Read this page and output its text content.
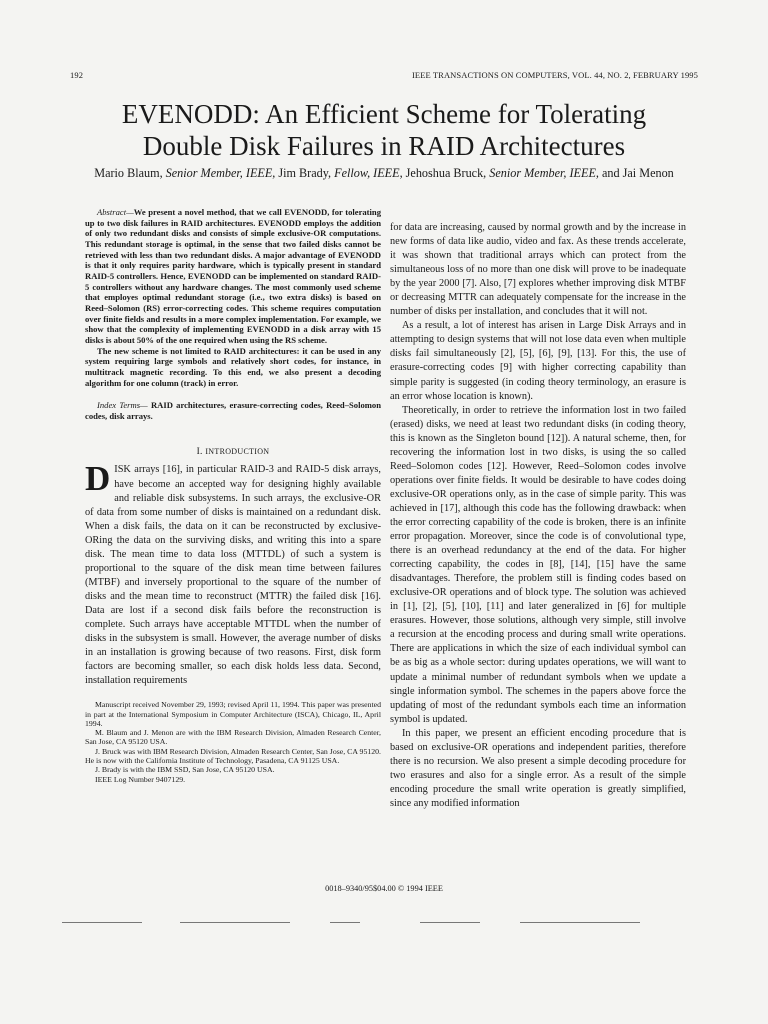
192	IEEE TRANSACTIONS ON COMPUTERS, VOL. 44, NO. 2, FEBRUARY 1995
EVENODD: An Efficient Scheme for Tolerating
Double Disk Failures in RAID Architectures
Mario Blaum, Senior Member, IEEE, Jim Brady, Fellow, IEEE, Jehoshua Bruck, Senior Member, IEEE, and Jai Menon

Abstract—We present a novel method, that we call EVENODD, for tolerating up to two disk failures in RAID architectures. EVENODD employs the addition of only two redundant disks and consists of simple exclusive-OR computations. This redundant storage is optimal, in the sense that two failed disks cannot be retrieved with less than two redundant disks. A major advantage of EVENODD is that it only requires parity hardware, which is typically present in standard RAID-5 controllers. Hence, EVENODD can be implemented on standard RAID-5 controllers without any hardware changes. The most commonly used scheme that employes optimal redundant storage (i.e., two extra disks) is based on Reed–Solomon (RS) error-correcting codes. This scheme requires computation over finite fields and results in a more complex implementation. For example, we show that the complexity of implementing EVENODD in a disk array with 15 disks is about 50% of the one required when using the RS scheme.

The new scheme is not limited to RAID architectures: it can be used in any system requiring large symbols and relatively short codes, for instance, in multitrack magnetic recording. To this end, we also present a decoding algorithm for one column (track) in error.

Index Terms— RAID architectures, erasure-correcting codes, Reed–Solomon codes, disk arrays.

I. INTRODUCTION

DISK arrays [16], in particular RAID-3 and RAID-5 disk arrays, have become an accepted way for designing highly available and reliable disk subsystems. In such arrays, the exclusive-OR of data from some number of disks is maintained on a redundant disk. When a disk fails, the data on it can be reconstructed by exclusive-ORing the data on the surviving disks, and writing this into a spare disk. The mean time to data loss (MTTDL) of such a system is proportional to the square of the disk mean time between failures (MTBF) and inversely proportional to the square of the number of disks and the mean time to reconstruct (MTTR) the failed disk [16]. Data are lost if a second disk fails before the reconstruction is complete. Such arrays have acceptable MTTDL when the number of disks in the subsystem is small. However, the average number of disks in an installation is growing because of two reasons. First, disk form factors are becoming smaller, so each disk holds less data. Second, installation requirements

Manuscript received November 29, 1993; revised April 11, 1994. This paper was presented in part at the International Symposium in Computer Architecture (ISCA), Chicago, IL, April 1994.

M. Blaum and J. Menon are with the IBM Research Division, Almaden Research Center, San Jose, CA 95120 USA.

J. Bruck was with IBM Research Division, Almaden Research Center, San Jose, CA 95120. He is now with the California Institute of Technology, Pasadena, CA 91125 USA.

J. Brady is with the IBM SSD, San Jose, CA 95120 USA.

IEEE Log Number 9407129.

for data are increasing, caused by normal growth and by the increase in new forms of data like audio, video and fax. As these trends accelerate, it was shown that traditional arrays which can protect from the simultaneous loss of no more than one disk will prove to be inadequate by the year 2000 [7]. Also, [7] explores whether improving disk MTBF or decreasing MTTR can adequately compensate for the increase in the number of disks per installation, and concludes that it will not.

As a result, a lot of interest has arisen in Large Disk Arrays and in attempting to design systems that will not lose data even when multiple disks fail simultaneously [2], [5], [6], [9], [13]. For this, the use of erasure-correcting codes [9] with higher correcting capability than simple parity is suggested (in coding theory terminology, an erasure is an error whose location is known).

Theoretically, in order to retrieve the information lost in two failed (erased) disks, we need at least two redundant disks (in coding theory, this is known as the Singleton bound [12]). A natural scheme, then, for recovering the information lost in two disks, is using the so called Reed–Solomon codes [12]. However, Reed–Solomon codes involve operations over finite fields. It would be desirable to have codes doing exclusive-OR operations only, as in the case of simple parity. This was achieved in [17], although this code has the following drawback: when the error correcting capability of the code is broken, there is an infinite error propagation. Moreover, since the code is of convolutional type, there is an overhead redundancy at the end of the data. For higher correcting capability, the codes in [8], [14], [15] have the same disadvantages. Therefore, the problem still is finding codes based on exclusive-OR operations and of block type. The solution was achieved in [1], [2], [5], [10], [11] and later generalized in [6] for multiple erasures. However, those solutions, although very simple, still involve a recursion at the encoding process and during small write operations. There are applications in which the size of each individual symbol can be as big as a whole sector: during updates operations, we will want to update a minimal number of redundant symbols when we update a single information symbol. The schemes in the papers above force the updating of most of the redundant symbols each time an information symbol is updated.

In this paper, we present an efficient encoding procedure that is based on exclusive-OR operations and independent parities, therefore there is no recursion. We also present a simple decoding procedure for two erasures and also for a single error. As a result of the simple encoding procedure the small write operation is greatly simplified, since any modified information

0018–9340/95$04.00 © 1994 IEEE
